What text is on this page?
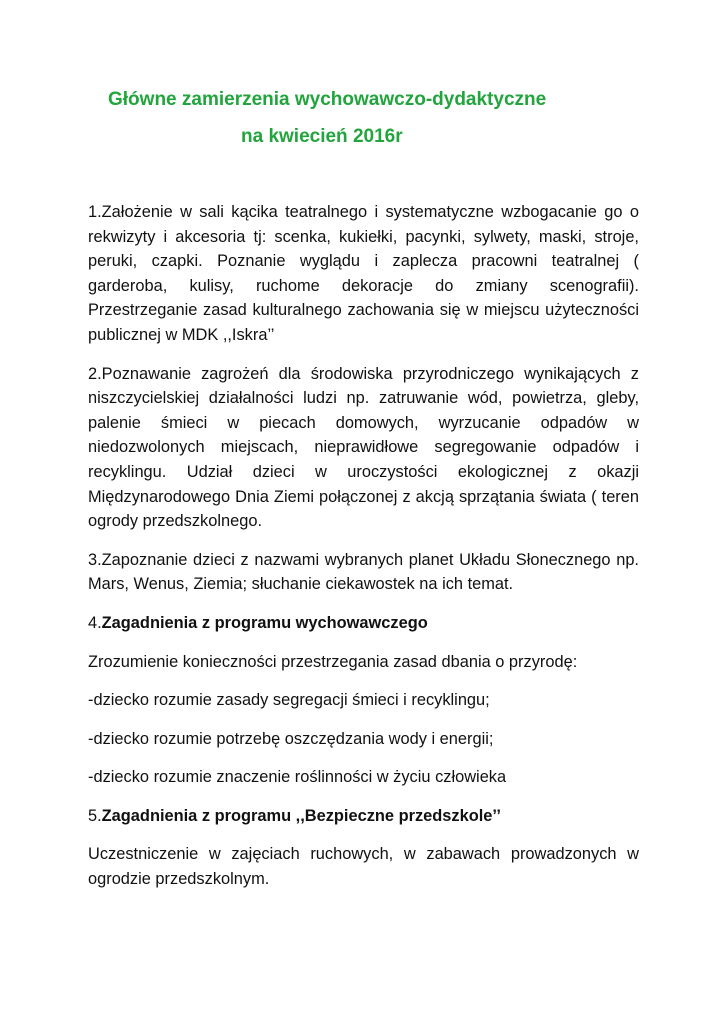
Główne zamierzenia wychowawczo-dydaktyczne
na kwiecień 2016r

1.Założenie w sali kącika teatralnego i systematyczne wzbogacanie go o rekwizyty i akcesoria tj: scenka, kukiełki, pacynki, sylwety, maski, stroje, peruki, czapki. Poznanie wyglądu i zaplecza pracowni teatralnej ( garderoba, kulisy, ruchome dekoracje do zmiany scenografii). Przestrzeganie zasad kulturalnego zachowania się w miejscu użyteczności publicznej w MDK ,,Iskra’’

2.Poznawanie zagrożeń dla środowiska przyrodniczego wynikających z niszczycielskiej działalności ludzi np. zatruwanie wód, powietrza, gleby, palenie śmieci w piecach domowych, wyrzucanie odpadów w niedozwolonych miejscach, nieprawidłowe segregowanie odpadów i recyklingu. Udział dzieci w uroczystości ekologicznej z okazji Międzynarodowego Dnia Ziemi połączonej z akcją sprzątania świata ( teren ogrody przedszkolnego.

3.Zapoznanie dzieci z nazwami wybranych planet Układu Słonecznego np. Mars, Wenus, Ziemia; słuchanie ciekawostek na ich temat.

4.Zagadnienia z programu wychowawczego

Zrozumienie konieczności przestrzegania zasad dbania o przyrodę:

-dziecko rozumie zasady segregacji śmieci i recyklingu;

-dziecko rozumie potrzebę oszczędzania wody i energii;

-dziecko rozumie znaczenie roślinności w życiu człowieka

5.Zagadnienia z programu ,,Bezpieczne przedszkole’’

Uczestniczenie w zajęciach ruchowych, w zabawach prowadzonych w ogrodzie przedszkolnym.
